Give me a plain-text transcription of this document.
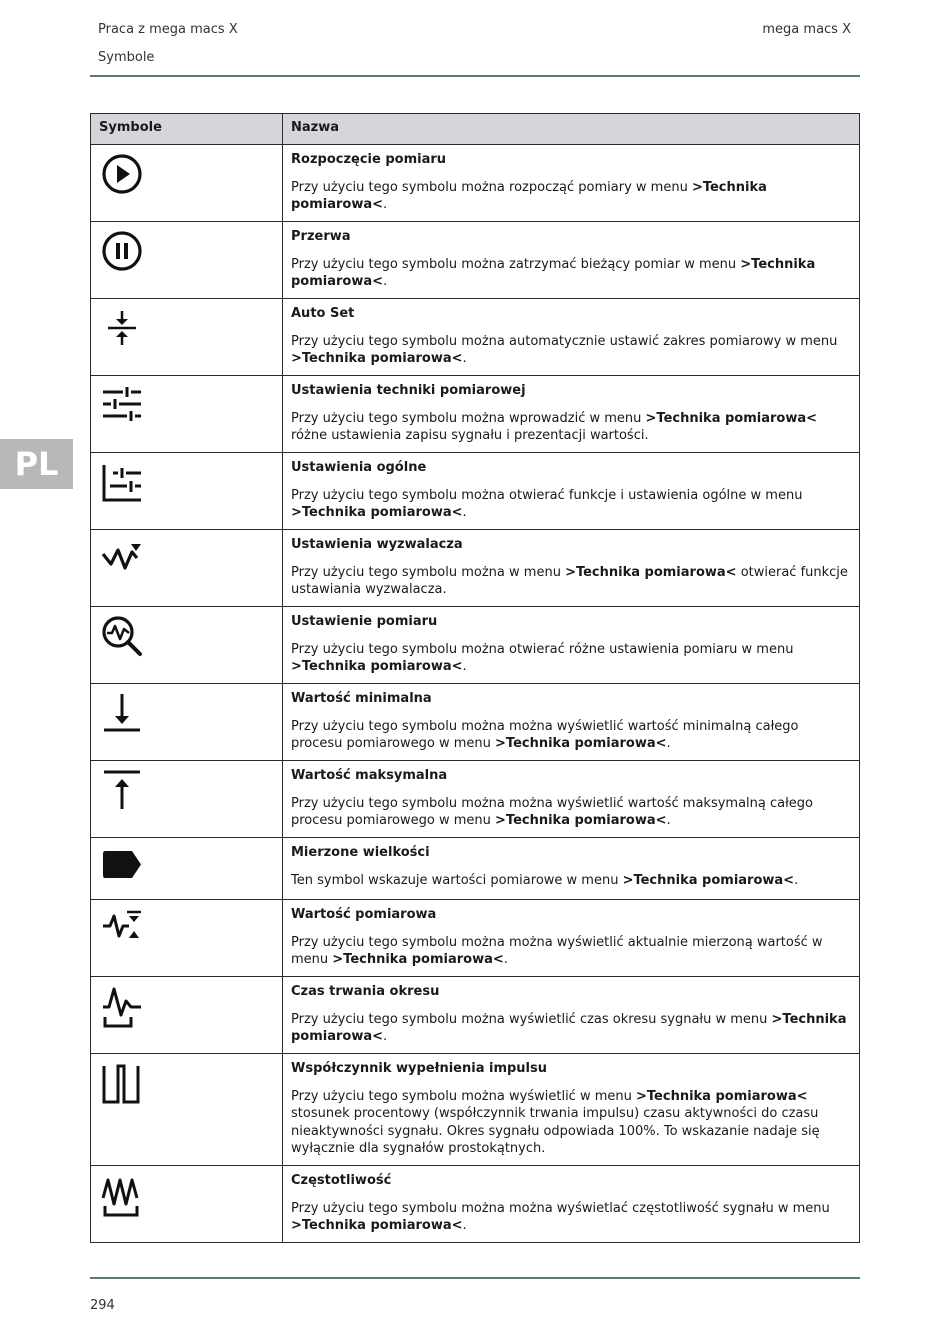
Praca z mega macs X
Symbole
mega macs X
PL
Symbole	Nazwa

Rozpoczęcie pomiaru
Przy użyciu tego symbolu można rozpocząć pomiary w menu >Technika pomiarowa<.

Przerwa
Przy użyciu tego symbolu można zatrzymać bieżący pomiar w menu >Technika pomiarowa<.

Auto Set
Przy użyciu tego symbolu można automatycznie ustawić zakres pomiarowy w menu >Technika pomiarowa<.

Ustawienia techniki pomiarowej
Przy użyciu tego symbolu można wprowadzić w menu >Technika pomiarowa< różne ustawienia zapisu sygnału i prezentacji wartości.

Ustawienia ogólne
Przy użyciu tego symbolu można otwierać funkcje i ustawienia ogólne w menu >Technika pomiarowa<.

Ustawienia wyzwalacza
Przy użyciu tego symbolu można w menu >Technika pomiarowa< otwierać funkcje ustawiania wyzwalacza.

Ustawienie pomiaru
Przy użyciu tego symbolu można otwierać różne ustawienia pomiaru w menu >Technika pomiarowa<.

Wartość minimalna
Przy użyciu tego symbolu można można wyświetlić wartość minimalną całego procesu pomiarowego w menu >Technika pomiarowa<.

Wartość maksymalna
Przy użyciu tego symbolu można można wyświetlić wartość maksymalną całego procesu pomiarowego w menu >Technika pomiarowa<.

Mierzone wielkości
Ten symbol wskazuje wartości pomiarowe w menu >Technika pomiarowa<.

Wartość pomiarowa
Przy użyciu tego symbolu można można wyświetlić aktualnie mierzoną wartość w menu >Technika pomiarowa<.

Czas trwania okresu
Przy użyciu tego symbolu można wyświetlić czas okresu sygnału w menu >Technika pomiarowa<.

Współczynnik wypełnienia impulsu
Przy użyciu tego symbolu można wyświetlić w menu >Technika pomiarowa< stosunek procentowy (współczynnik trwania impulsu) czasu aktywności do czasu nieaktywności sygnału. Okres sygnału odpowiada 100%. To wskazanie nadaje się wyłącznie dla sygnałów prostokątnych.

Częstotliwość
Przy użyciu tego symbolu można można wyświetlać częstotliwość sygnału w menu >Technika pomiarowa<.
294
